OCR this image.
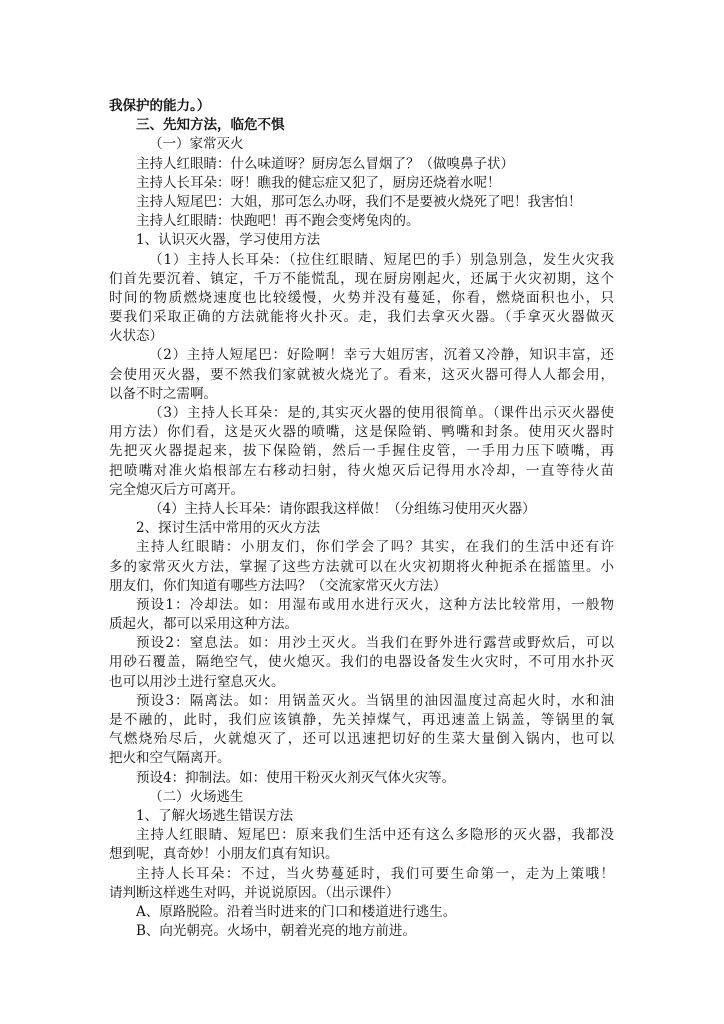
我保护的能力。）
三、先知方法，临危不惧
（一）家常灭火
主持人红眼睛：什么味道呀？厨房怎么冒烟了？（做嗅鼻子状）
主持人长耳朵：呀！瞧我的健忘症又犯了，厨房还烧着水呢！
主持人短尾巴：大姐，那可怎么办呀，我们不是要被火烧死了吧！我害怕！
主持人红眼睛：快跑吧！再不跑会变烤兔肉的。
1、认识灭火器，学习使用方法
（1）主持人长耳朵：（拉住红眼睛、短尾巴的手）别急别急，发生火灾我
们首先要沉着、镇定，千万不能慌乱，现在厨房刚起火，还属于火灾初期，这个
时间的物质燃烧速度也比较缓慢，火势并没有蔓延，你看，燃烧面积也小，只
要我们采取正确的方法就能将火扑灭。走，我们去拿灭火器。（手拿灭火器做灭
火状态）
（2）主持人短尾巴：好险啊！幸亏大姐厉害，沉着又冷静，知识丰富，还
会使用灭火器，要不然我们家就被火烧光了。看来，这灭火器可得人人都会用，
以备不时之需啊。
（3）主持人长耳朵：是的,其实灭火器的使用很简单。（课件出示灭火器使
用方法）你们看，这是灭火器的喷嘴，这是保险销、鸭嘴和封条。使用灭火器时
先把灭火器提起来，拔下保险销，然后一手握住皮管，一手用力压下喷嘴，再
把喷嘴对准火焰根部左右移动扫射，待火熄灭后记得用水冷却，一直等待火苗
完全熄灭后方可离开。
（4）主持人长耳朵：请你跟我这样做！（分组练习使用灭火器）
2、探讨生活中常用的灭火方法
主持人红眼睛：小朋友们，你们学会了吗？其实，在我们的生活中还有许
多的家常灭火方法，掌握了这些方法就可以在火灾初期将火种扼杀在摇篮里。小
朋友们，你们知道有哪些方法吗？（交流家常灭火方法）
预设1：冷却法。如：用湿布或用水进行灭火，这种方法比较常用，一般物
质起火，都可以采用这种方法。
预设2：窒息法。如：用沙土灭火。当我们在野外进行露营或野炊后，可以
用砂石覆盖，隔绝空气，使火熄灭。我们的电器设备发生火灾时，不可用水扑灭
也可以用沙土进行窒息灭火。
预设3：隔离法。如：用锅盖灭火。当锅里的油因温度过高起火时，水和油
是不融的，此时，我们应该镇静，先关掉煤气，再迅速盖上锅盖，等锅里的氧
气燃烧殆尽后，火就熄灭了，还可以迅速把切好的生菜大量倒入锅内，也可以
把火和空气隔离开。
预设4：抑制法。如：使用干粉灭火剂灭气体火灾等。
（二）火场逃生
1、了解火场逃生错误方法
主持人红眼睛、短尾巴：原来我们生活中还有这么多隐形的灭火器，我都没
想到呢，真奇妙！小朋友们真有知识。
主持人长耳朵：不过，当火势蔓延时，我们可要生命第一，走为上策哦！
请判断这样逃生对吗，并说说原因。（出示课件）
A、原路脱险。沿着当时进来的门口和楼道进行逃生。
B、向光朝亮。火场中，朝着光亮的地方前进。
